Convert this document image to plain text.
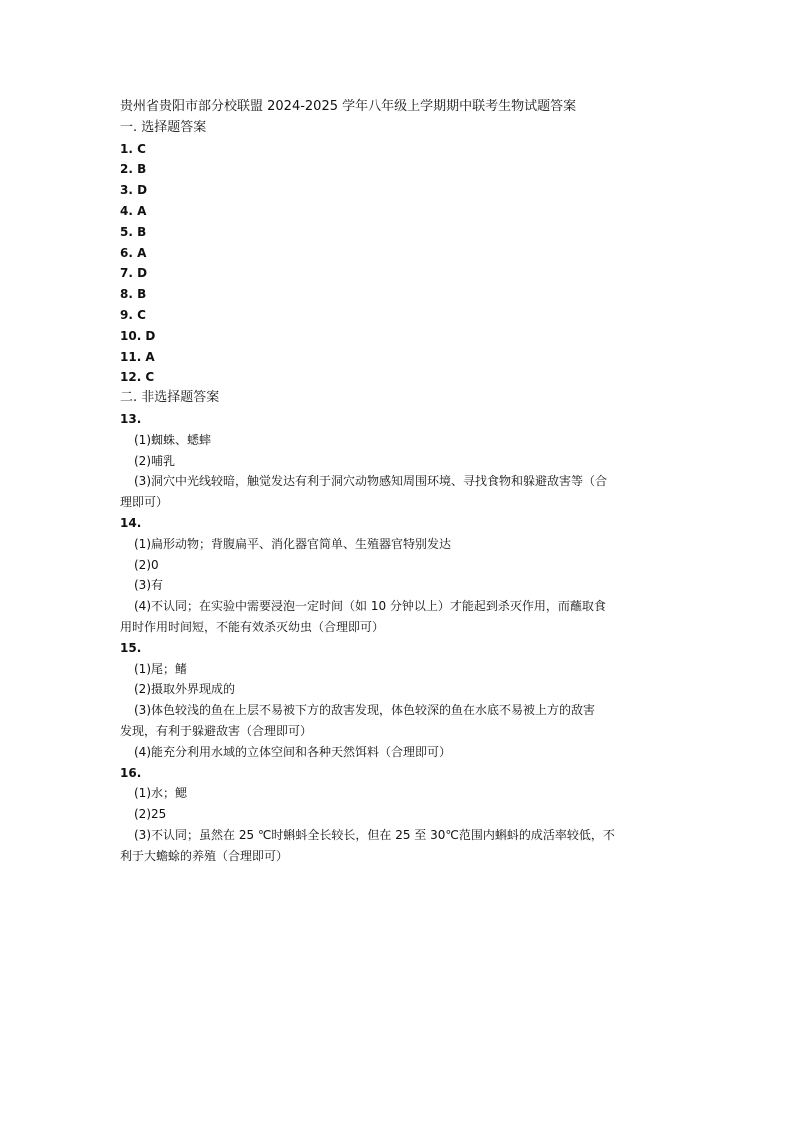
贵州省贵阳市部分校联盟 2024-2025 学年八年级上学期期中联考生物试题答案
一. 选择题答案
1. C
2. B
3. D
4. A
5. B
6. A
7. D
8. B
9. C
10. D
11. A
12. C
二. 非选择题答案
13.
(1)蜘蛛、蟋蟀
(2)哺乳
(3)洞穴中光线较暗，触觉发达有利于洞穴动物感知周围环境、寻找食物和躲避敌害等（合
理即可）
14.
(1)扁形动物；背腹扁平、消化器官简单、生殖器官特别发达
(2)0
(3)有
(4)不认同；在实验中需要浸泡一定时间（如 10 分钟以上）才能起到杀灭作用，而蘸取食
用时作用时间短，不能有效杀灭幼虫（合理即可）
15.
(1)尾；鳍
(2)摄取外界现成的
(3)体色较浅的鱼在上层不易被下方的敌害发现，体色较深的鱼在水底不易被上方的敌害
发现，有利于躲避敌害（合理即可）
(4)能充分利用水域的立体空间和各种天然饵料（合理即可）
16.
(1)水；鳃
(2)25
(3)不认同；虽然在 25 ℃时蝌蚪全长较长，但在 25 至 30℃范围内蝌蚪的成活率较低，不
利于大蟾蜍的养殖（合理即可）
